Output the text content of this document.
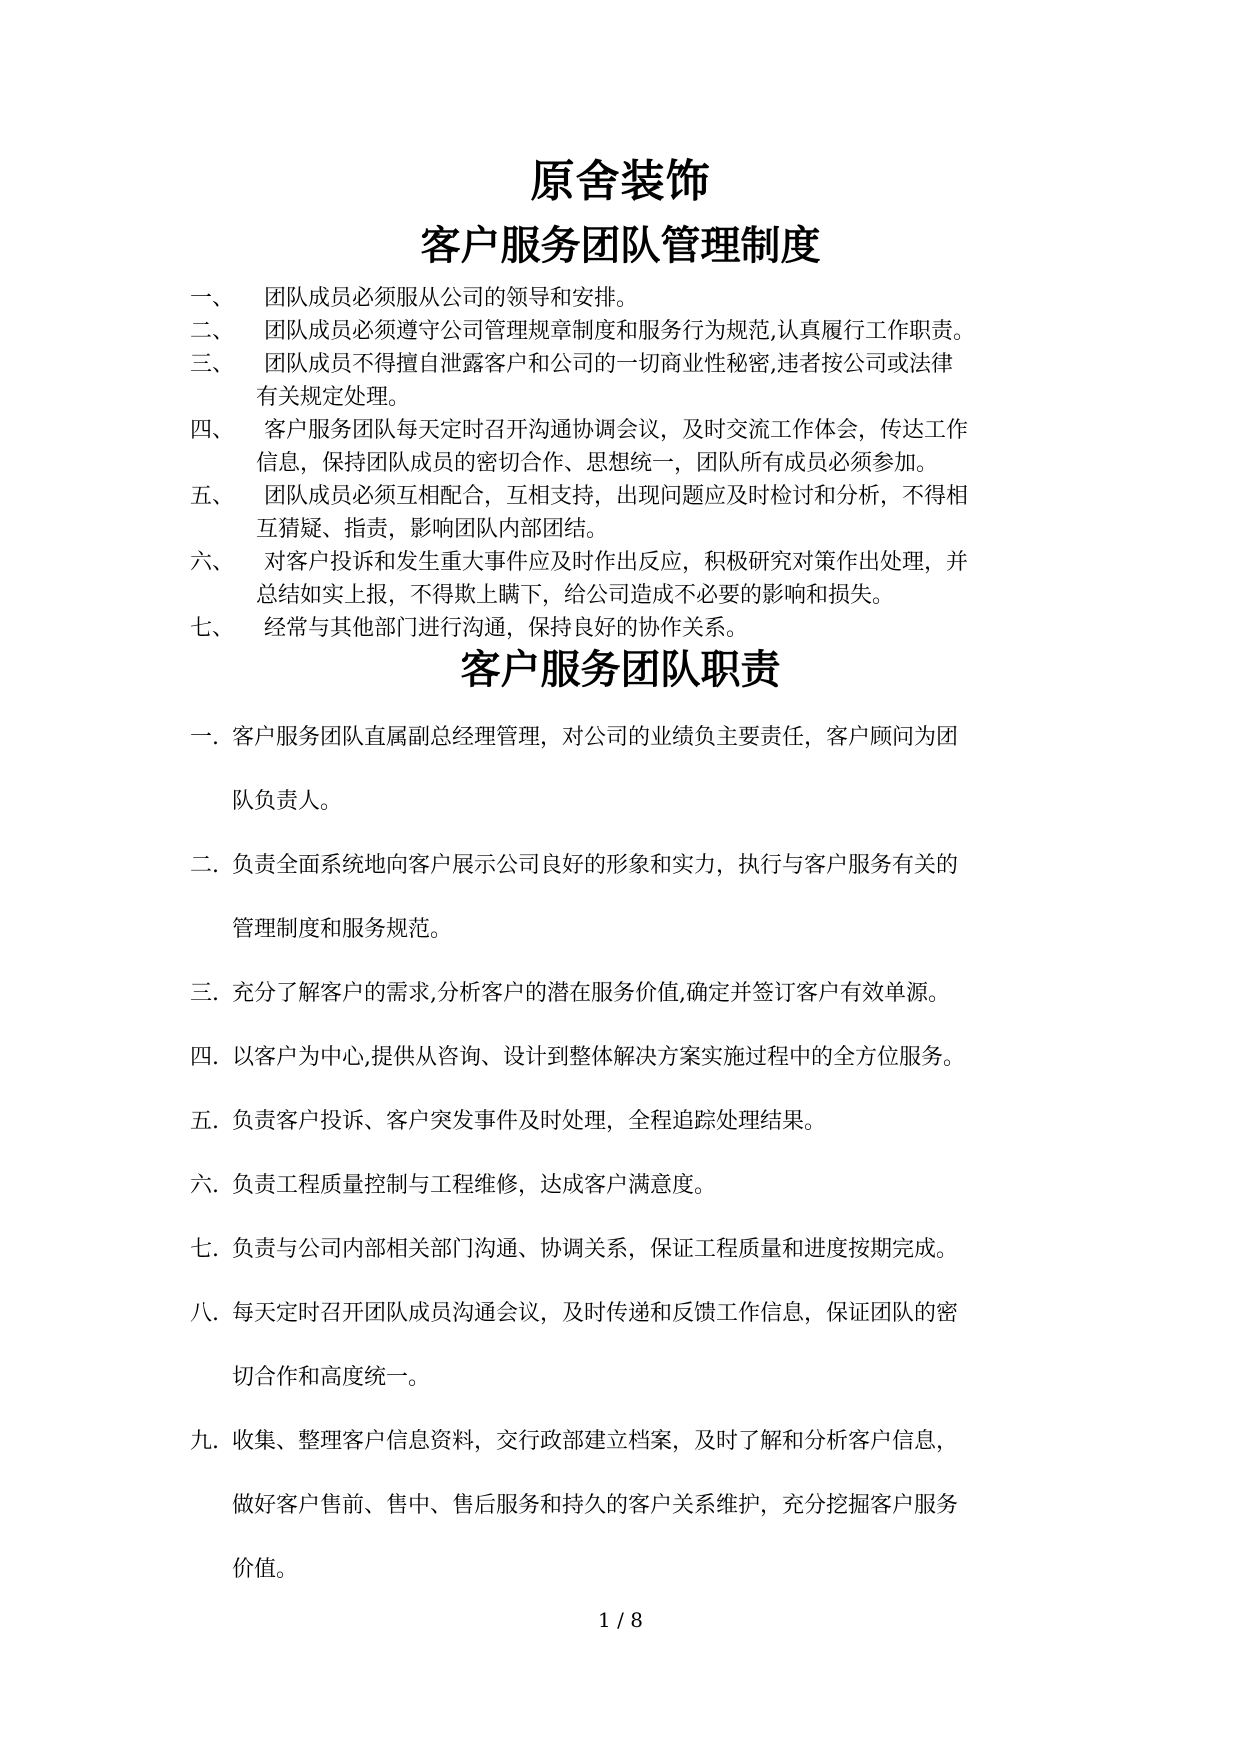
原舍装饰
客户服务团队管理制度
一、	团队成员必须服从公司的领导和安排。
二、	团队成员必须遵守公司管理规章制度和服务行为规范,认真履行工作职责。
三、	团队成员不得擅自泄露客户和公司的一切商业性秘密,违者按公司或法律
有关规定处理。
四、	客户服务团队每天定时召开沟通协调会议，及时交流工作体会，传达工作
信息，保持团队成员的密切合作、思想统一，团队所有成员必须参加。
五、	团队成员必须互相配合，互相支持，出现问题应及时检讨和分析，不得相
互猜疑、指责，影响团队内部团结。
六、	对客户投诉和发生重大事件应及时作出反应，积极研究对策作出处理，并
总结如实上报，不得欺上瞒下，给公司造成不必要的影响和损失。
七、	经常与其他部门进行沟通，保持良好的协作关系。
客户服务团队职责
一. 客户服务团队直属副总经理管理，对公司的业绩负主要责任，客户顾问为团
队负责人。
二. 负责全面系统地向客户展示公司良好的形象和实力，执行与客户服务有关的
管理制度和服务规范。
三. 充分了解客户的需求,分析客户的潜在服务价值,确定并签订客户有效单源。
四. 以客户为中心,提供从咨询、设计到整体解决方案实施过程中的全方位服务。
五. 负责客户投诉、客户突发事件及时处理，全程追踪处理结果。
六. 负责工程质量控制与工程维修，达成客户满意度。
七. 负责与公司内部相关部门沟通、协调关系，保证工程质量和进度按期完成。
八. 每天定时召开团队成员沟通会议，及时传递和反馈工作信息，保证团队的密
切合作和高度统一。
九. 收集、整理客户信息资料，交行政部建立档案，及时了解和分析客户信息，
做好客户售前、售中、售后服务和持久的客户关系维护，充分挖掘客户服务
价值。
1 / 8
